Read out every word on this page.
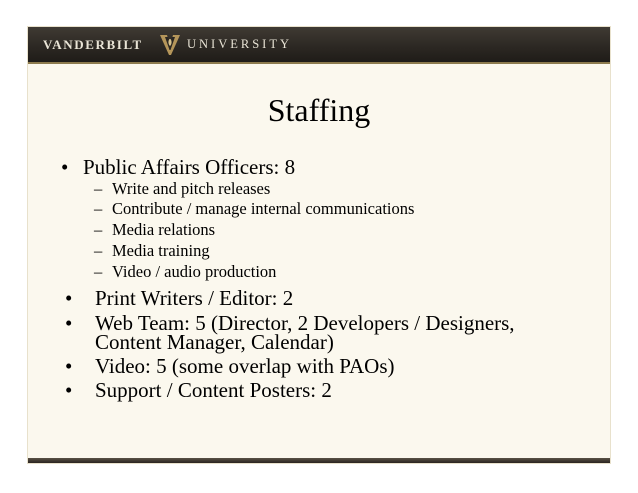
VANDERBILT	UNIVERSITY
Staffing
• Public Affairs Officers: 8
– Write and pitch releases
– Contribute / manage internal communications
– Media relations
– Media training
– Video / audio production
• Print Writers / Editor: 2
• Web Team: 5 (Director, 2 Developers / Designers,
Content Manager, Calendar)
• Video: 5 (some overlap with PAOs)
• Support / Content Posters: 2
